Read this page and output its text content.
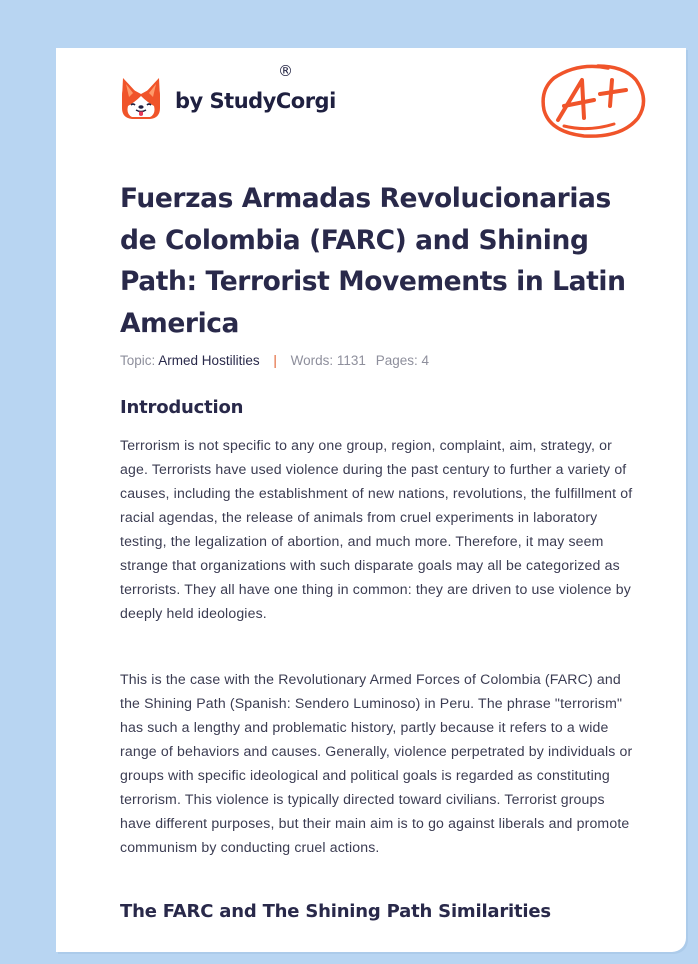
by StudyCorgi
®
Fuerzas Armadas Revolucionarias de Colombia (FARC) and Shining Path: Terrorist Movements in Latin America
Topic: Armed Hostilities | Words: 1131 Pages: 4
Introduction

Terrorism is not specific to any one group, region, complaint, aim, strategy, or age. Terrorists have used violence during the past century to further a variety of causes, including the establishment of new nations, revolutions, the fulfillment of racial agendas, the release of animals from cruel experiments in laboratory testing, the legalization of abortion, and much more. Therefore, it may seem strange that organizations with such disparate goals may all be categorized as terrorists. They all have one thing in common: they are driven to use violence by deeply held ideologies.

This is the case with the Revolutionary Armed Forces of Colombia (FARC) and the Shining Path (Spanish: Sendero Luminoso) in Peru. The phrase "terrorism" has such a lengthy and problematic history, partly because it refers to a wide range of behaviors and causes. Generally, violence perpetrated by individuals or groups with specific ideological and political goals is regarded as constituting terrorism. This violence is typically directed toward civilians. Terrorist groups have different purposes, but their main aim is to go against liberals and promote communism by conducting cruel actions.

The FARC and The Shining Path Similarities
